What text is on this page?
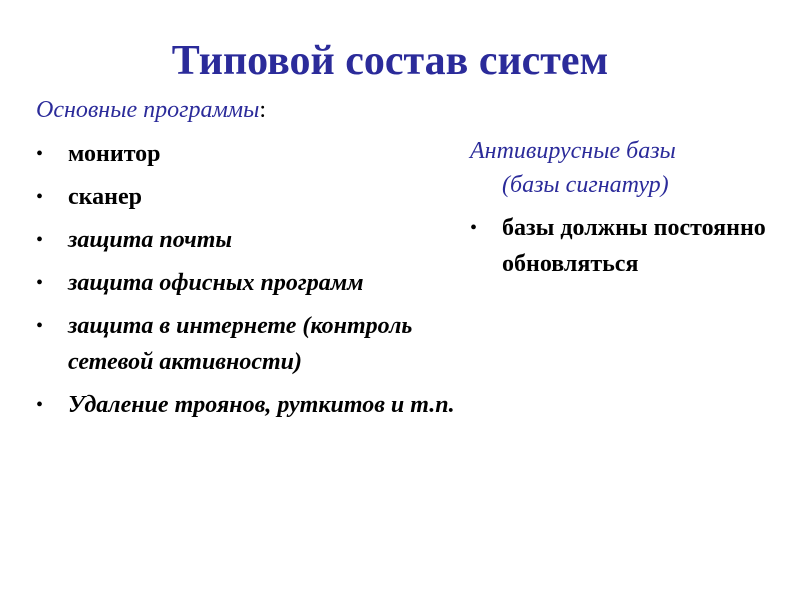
Типовой состав систем
Основные программы:
• монитор
• сканер
• защита почты
• защита офисных программ
• защита в интернете (контроль сетевой активности)
• Удаление троянов, руткитов и т.п.
Антивирусные базы
(базы сигнатур)
• базы должны постоянно обновляться
